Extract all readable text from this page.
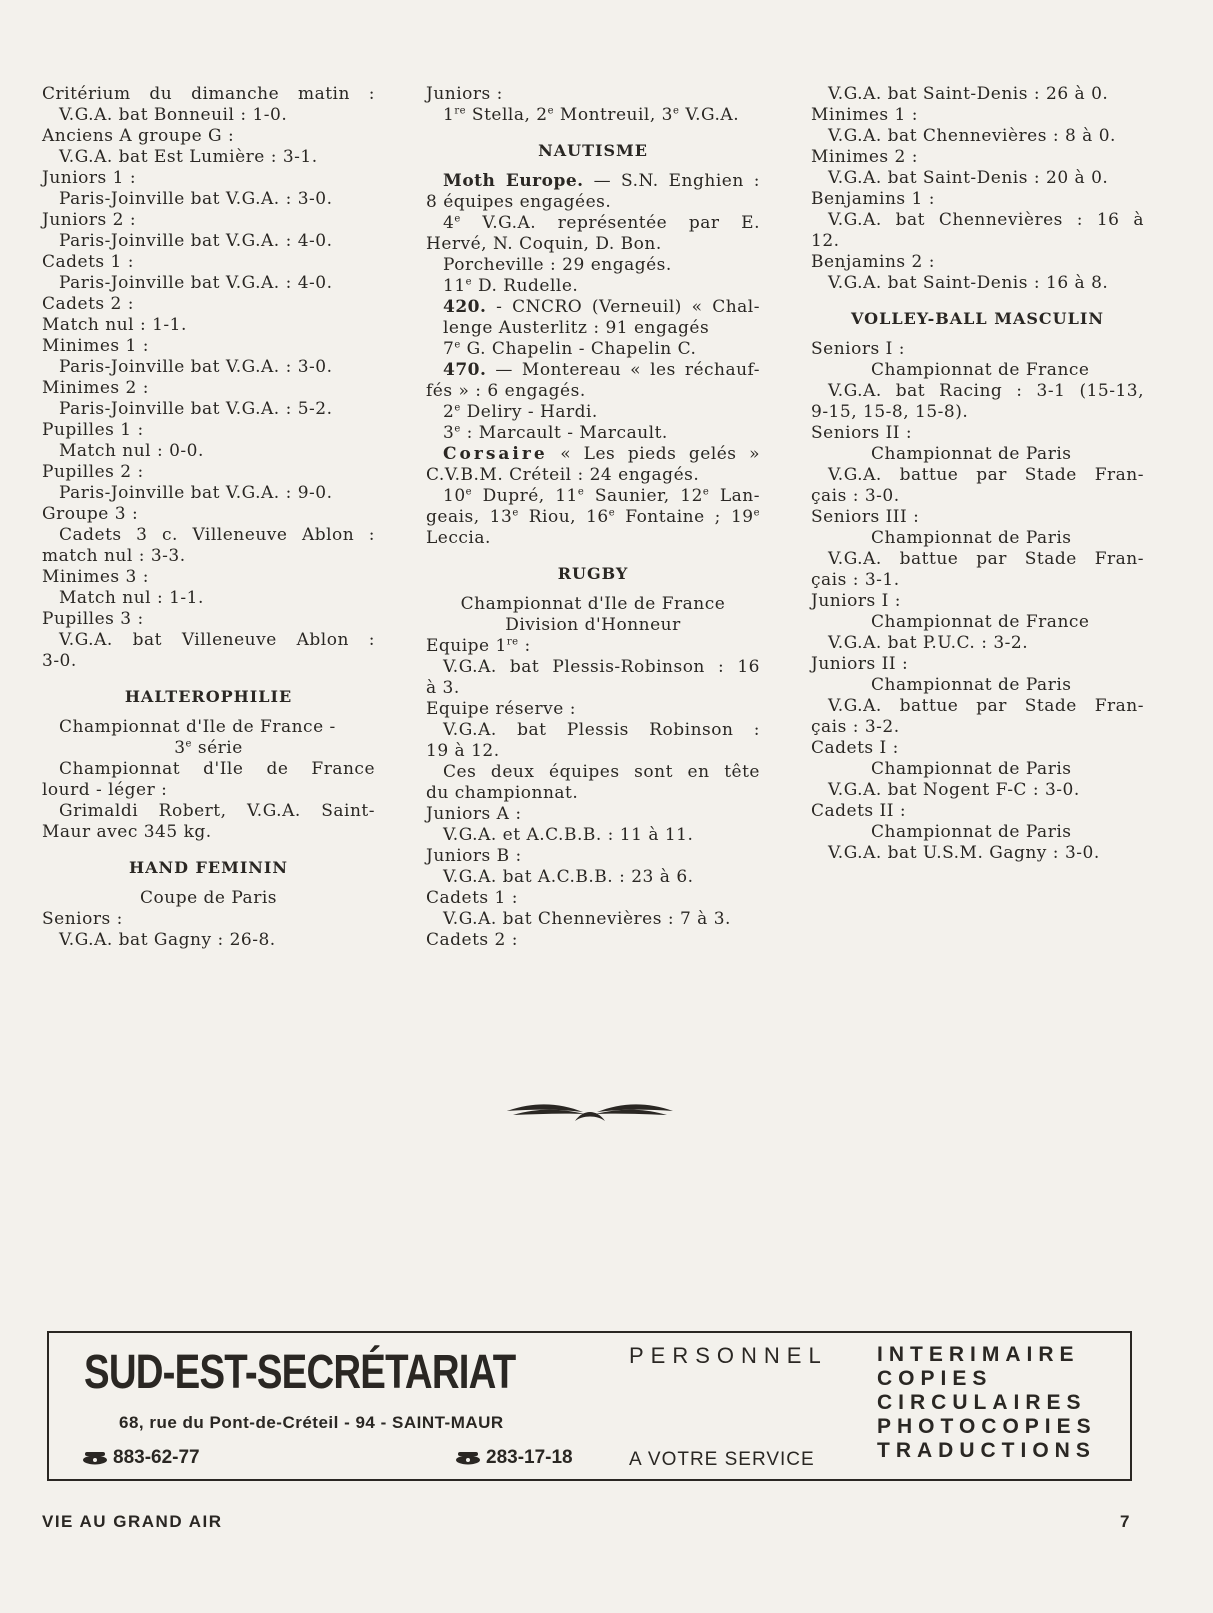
Critérium du dimanche matin :
V.G.A. bat Bonneuil : 1-0.
Anciens A groupe G :
V.G.A. bat Est Lumière : 3-1.
Juniors 1 :
Paris-Joinville bat V.G.A. : 3-0.
Juniors 2 :
Paris-Joinville bat V.G.A. : 4-0.
Cadets 1 :
Paris-Joinville bat V.G.A. : 4-0.
Cadets 2 :
Match nul : 1-1.
Minimes 1 :
Paris-Joinville bat V.G.A. : 3-0.
Minimes 2 :
Paris-Joinville bat V.G.A. : 5-2.
Pupilles 1 :
Match nul : 0-0.
Pupilles 2 :
Paris-Joinville bat V.G.A. : 9-0.
Groupe 3 :
Cadets 3 c. Villeneuve Ablon :
match nul : 3-3.
Minimes 3 :
Match nul : 1-1.
Pupilles 3 :
V.G.A. bat Villeneuve Ablon :
3-0.
HALTEROPHILIE
Championnat d'Ile de France -
3e série
Championnat d'Ile de France
lourd - léger :
Grimaldi Robert, V.G.A. Saint-
Maur avec 345 kg.
HAND FEMININ
Coupe de Paris
Seniors :
V.G.A. bat Gagny : 26-8.
Juniors :
1re Stella, 2e Montreuil, 3e V.G.A.
NAUTISME
Moth Europe. — S.N. Enghien :
8 équipes engagées.
4e V.G.A. représentée par E.
Hervé, N. Coquin, D. Bon.
Porcheville : 29 engagés.
11e D. Rudelle.
420. - CNCRO (Verneuil) « Chal-
lenge Austerlitz : 91 engagés
7e G. Chapelin - Chapelin C.
470. — Montereau « les réchauf-
fés » : 6 engagés.
2e Deliry - Hardi.
3e : Marcault - Marcault.
Corsaire « Les pieds gelés »
C.V.B.M. Créteil : 24 engagés.
10e Dupré, 11e Saunier, 12e Lan-
geais, 13e Riou, 16e Fontaine ; 19e
Leccia.
RUGBY
Championnat d'Ile de France
Division d'Honneur
Equipe 1re :
V.G.A. bat Plessis-Robinson : 16
à 3.
Equipe réserve :
V.G.A. bat Plessis Robinson :
19 à 12.
Ces deux équipes sont en tête
du championnat.
Juniors A :
V.G.A. et A.C.B.B. : 11 à 11.
Juniors B :
V.G.A. bat A.C.B.B. : 23 à 6.
Cadets 1 :
V.G.A. bat Chennevières : 7 à 3.
Cadets 2 :
V.G.A. bat Saint-Denis : 26 à 0.
Minimes 1 :
V.G.A. bat Chennevières : 8 à 0.
Minimes 2 :
V.G.A. bat Saint-Denis : 20 à 0.
Benjamins 1 :
V.G.A. bat Chennevières : 16 à
12.
Benjamins 2 :
V.G.A. bat Saint-Denis : 16 à 8.
VOLLEY-BALL MASCULIN
Seniors I :
Championnat de France
V.G.A. bat Racing : 3-1 (15-13,
9-15, 15-8, 15-8).
Seniors II :
Championnat de Paris
V.G.A. battue par Stade Fran-
çais : 3-0.
Seniors III :
Championnat de Paris
V.G.A. battue par Stade Fran-
çais : 3-1.
Juniors I :
Championnat de France
V.G.A. bat P.U.C. : 3-2.
Juniors II :
Championnat de Paris
V.G.A. battue par Stade Fran-
çais : 3-2.
Cadets I :
Championnat de Paris
V.G.A. bat Nogent F-C : 3-0.
Cadets II :
Championnat de Paris
V.G.A. bat U.S.M. Gagny : 3-0.
SUD-EST-SECRÉTARIAT
68, rue du Pont-de-Créteil - 94 - SAINT-MAUR
883-62-77	283-17-18
PERSONNEL
A VOTRE SERVICE
INTERIMAIRE
COPIES
CIRCULAIRES
PHOTOCOPIES
TRADUCTIONS
VIE AU GRAND AIR	7
